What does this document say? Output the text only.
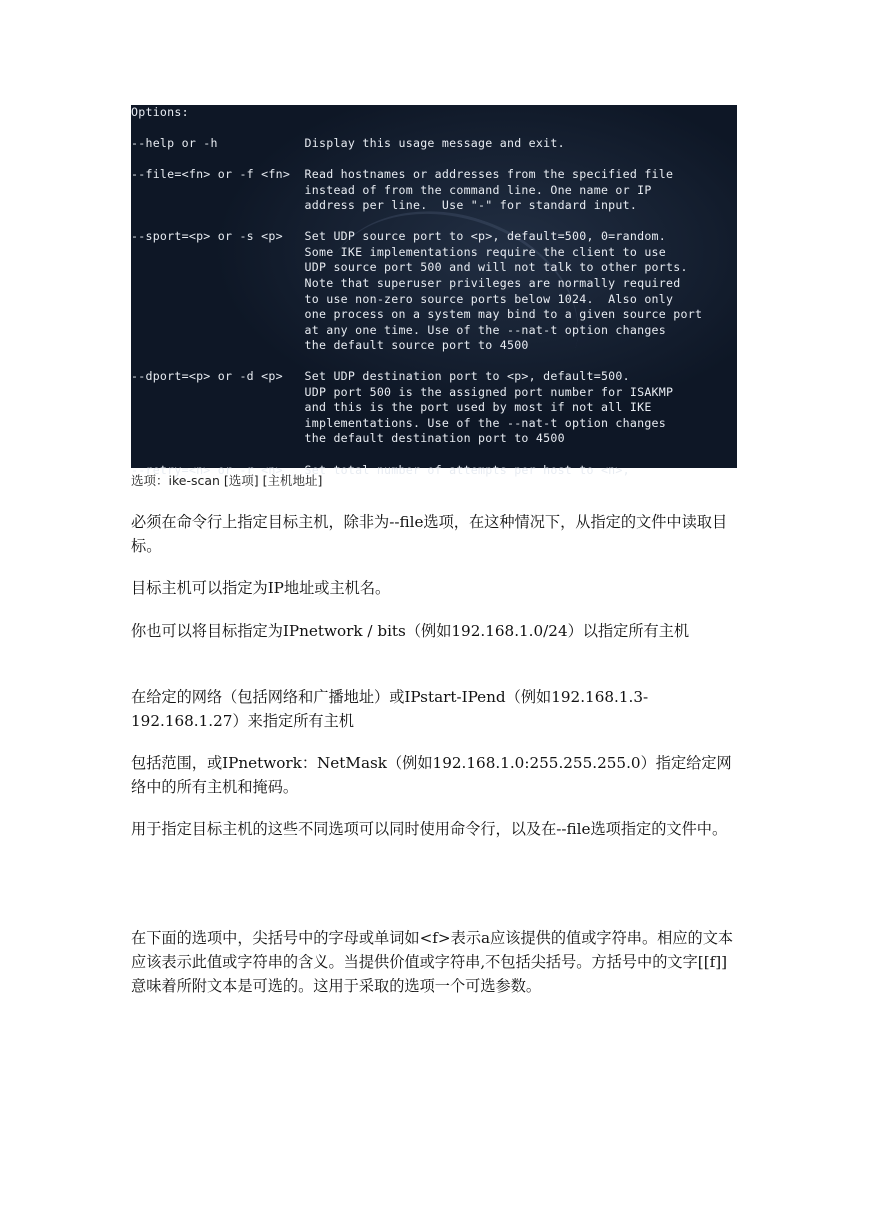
Options:

--help or -h            Display this usage message and exit.

--file=<fn> or -f <fn>  Read hostnames or addresses from the specified file
instead of from the command line. One name or IP
address per line.  Use "-" for standard input.

--sport=<p> or -s <p>   Set UDP source port to <p>, default=500, 0=random.
Some IKE implementations require the client to use
UDP source port 500 and will not talk to other ports.
Note that superuser privileges are normally required
to use non-zero source ports below 1024.  Also only
one process on a system may bind to a given source port
at any one time. Use of the --nat-t option changes
the default source port to 4500

--dport=<p> or -d <p>   Set UDP destination port to <p>, default=500.
UDP port 500 is the assigned port number for ISAKMP
and this is the port used by most if not all IKE
implementations. Use of the --nat-t option changes
the default destination port to 4500

--retry=<n> or -r <n>   Set total number of attempts per host to <n>,
选项：ike-scan [选项] [主机地址]
必须在命令行上指定目标主机，除非为--file选项，在这种情况下，从指定的文件中读取目标。
目标主机可以指定为IP地址或主机名。
你也可以将目标指定为IPnetwork / bits（例如192.168.1.0/24）以指定所有主机
在给定的网络（包括网络和广播地址）或IPstart-IPend（例如192.168.1.3-192.168.1.27）来指定所有主机
包括范围，或IPnetwork：NetMask（例如192.168.1.0:255.255.255.0）指定给定网络中的所有主机和掩码。
用于指定目标主机的这些不同选项可以同时使用命令行，以及在--file选项指定的文件中。
在下面的选项中，尖括号中的字母或单词如<f>表示a应该提供的值或字符串。相应的文本应该表示此值或字符串的含义。当提供价值或字符串,不包括尖括号。方括号中的文字[[f]]意味着所附文本是可选的。这用于采取的选项一个可选参数。
